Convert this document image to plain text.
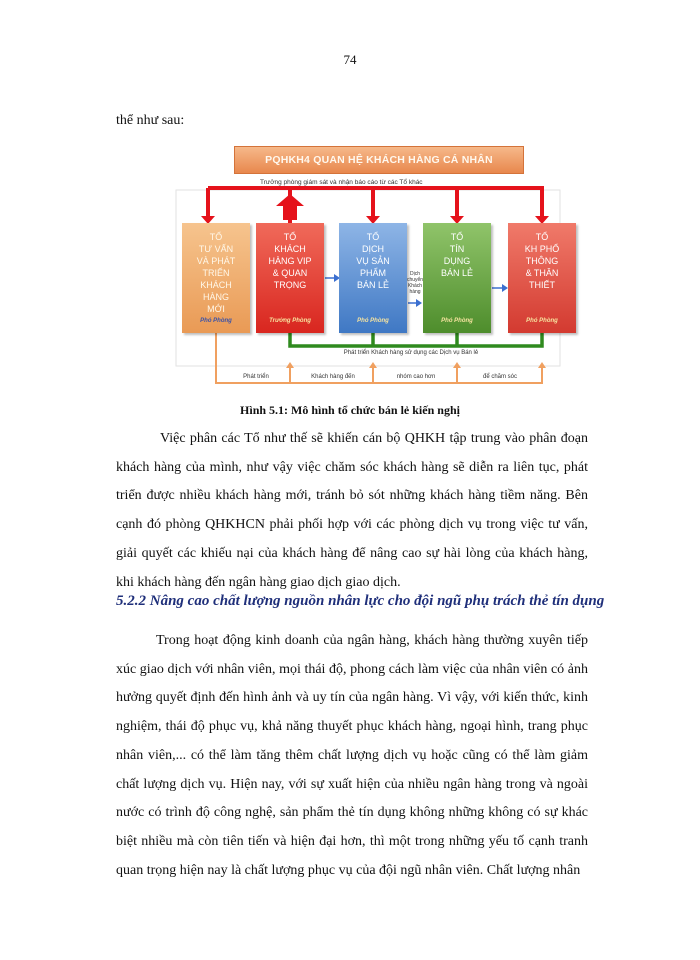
74
thể như sau:
PQHKH4 QUAN HỆ KHÁCH HÀNG CÁ NHÂN
Trưởng phòng giám sát và nhận báo cáo từ các Tổ khác
TỔ
TƯ VẤN
VÀ PHÁT
TRIỂN
KHÁCH
HÀNG
MỚI
Phó Phòng
TỔ
KHÁCH
HÀNG VIP
& QUAN
TRỌNG
Trưởng Phòng
TỔ
DỊCH
VỤ SẢN
PHẨM
BÁN LẺ
Phó Phòng
TỔ
TÍN
DỤNG
BÁN LẺ
Phó Phòng
TỔ
KH PHỔ
THÔNG
& THÂN
THIẾT
Phó Phòng
Dịch chuyển Khách hàng
Phát triển Khách hàng sử dụng các Dịch vụ Bán lẻ
Phát triển	Khách hàng đến	nhóm cao hơn	để chăm sóc
Hình 5.1: Mô hình tổ chức bán lẻ kiến nghị

Việc phân các Tổ như thế sẽ khiến cán bộ QHKH tập trung vào phân đoạn khách hàng của mình, như vậy việc chăm sóc khách hàng sẽ diễn ra liên tục, phát triển được nhiều khách hàng mới, tránh bỏ sót những khách hàng tiềm năng. Bên cạnh đó phòng QHKHCN phải phối hợp với các phòng dịch vụ trong việc tư vấn, giải quyết các khiếu nại của khách hàng để nâng cao sự hài lòng của khách hàng, khi khách hàng đến ngân hàng giao dịch giao dịch.

5.2.2 Nâng cao chất lượng nguồn nhân lực cho đội ngũ phụ trách thẻ tín dụng

Trong hoạt động kinh doanh của ngân hàng, khách hàng thường xuyên tiếp xúc giao dịch với nhân viên, mọi thái độ, phong cách làm việc của nhân viên có ảnh hưởng quyết định đến hình ảnh và uy tín của ngân hàng. Vì vậy, với kiến thức, kinh nghiệm, thái độ phục vụ, khả năng thuyết phục khách hàng, ngoại hình, trang phục nhân viên,... có thể làm tăng thêm chất lượng dịch vụ hoặc cũng có thể làm giảm chất lượng dịch vụ. Hiện nay, với sự xuất hiện của nhiều ngân hàng trong và ngoài nước có trình độ công nghệ, sản phẩm thẻ tín dụng không những không có sự khác biệt nhiều mà còn tiên tiến và hiện đại hơn, thì một trong những yếu tố cạnh tranh quan trọng hiện nay là chất lượng phục vụ của đội ngũ nhân viên. Chất lượng nhân
